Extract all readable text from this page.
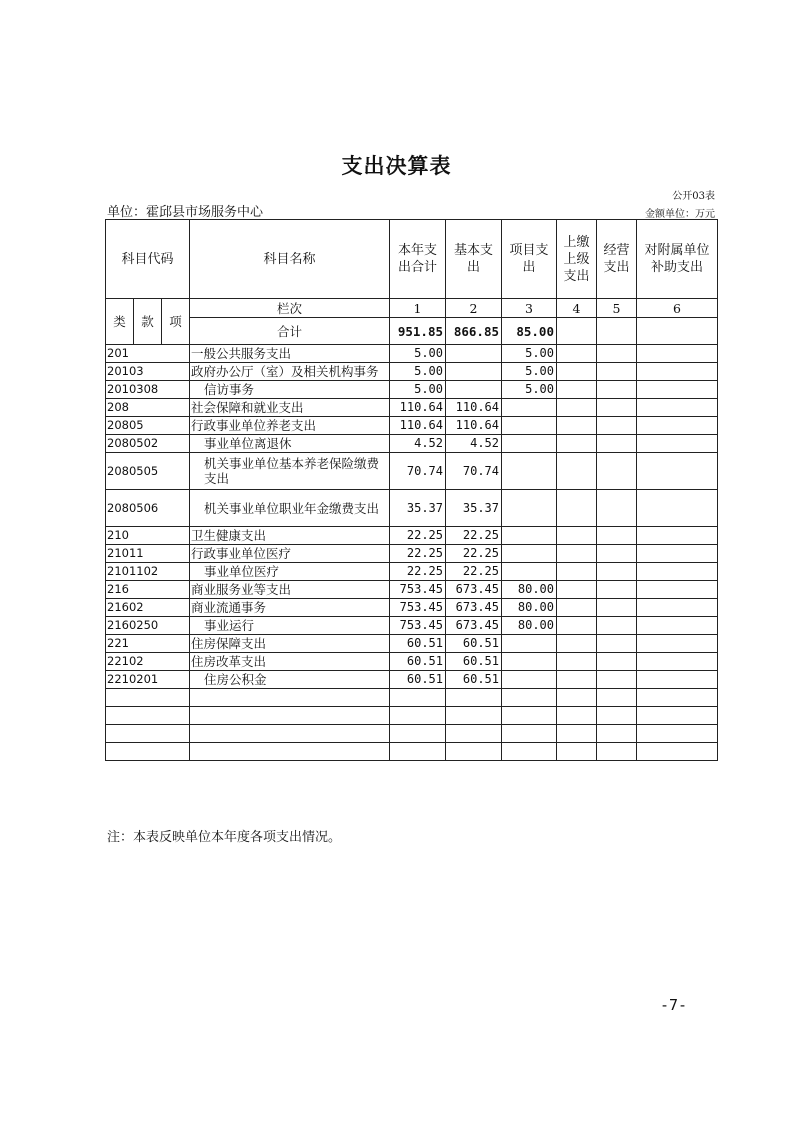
支出决算表
公开03表
单位：霍邱县市场服务中心	金额单位：万元
科目代码			科目名称	本年支出合计	基本支出	项目支出	上缴上级支出	经营支出	对附属单位补助支出
类	款	项	栏次	1	2	3	4	5	6
			合计	951.85	866.85	85.00			
201			一般公共服务支出	5.00		5.00			
20103			政府办公厅（室）及相关机构事务	5.00		5.00			
2010308			信访事务	5.00		5.00			
208			社会保障和就业支出	110.64	110.64				
20805			行政事业单位养老支出	110.64	110.64				
2080502			事业单位离退休	4.52	4.52				
2080505			机关事业单位基本养老保险缴费支出	70.74	70.74				
2080506			机关事业单位职业年金缴费支出	35.37	35.37				
210			卫生健康支出	22.25	22.25				
21011			行政事业单位医疗	22.25	22.25				
2101102			事业单位医疗	22.25	22.25				
216			商业服务业等支出	753.45	673.45	80.00			
21602			商业流通事务	753.45	673.45	80.00			
2160250			事业运行	753.45	673.45	80.00			
221			住房保障支出	60.51	60.51				
22102			住房改革支出	60.51	60.51				
2210201			住房公积金	60.51	60.51				

注：本表反映单位本年度各项支出情况。
-7-
